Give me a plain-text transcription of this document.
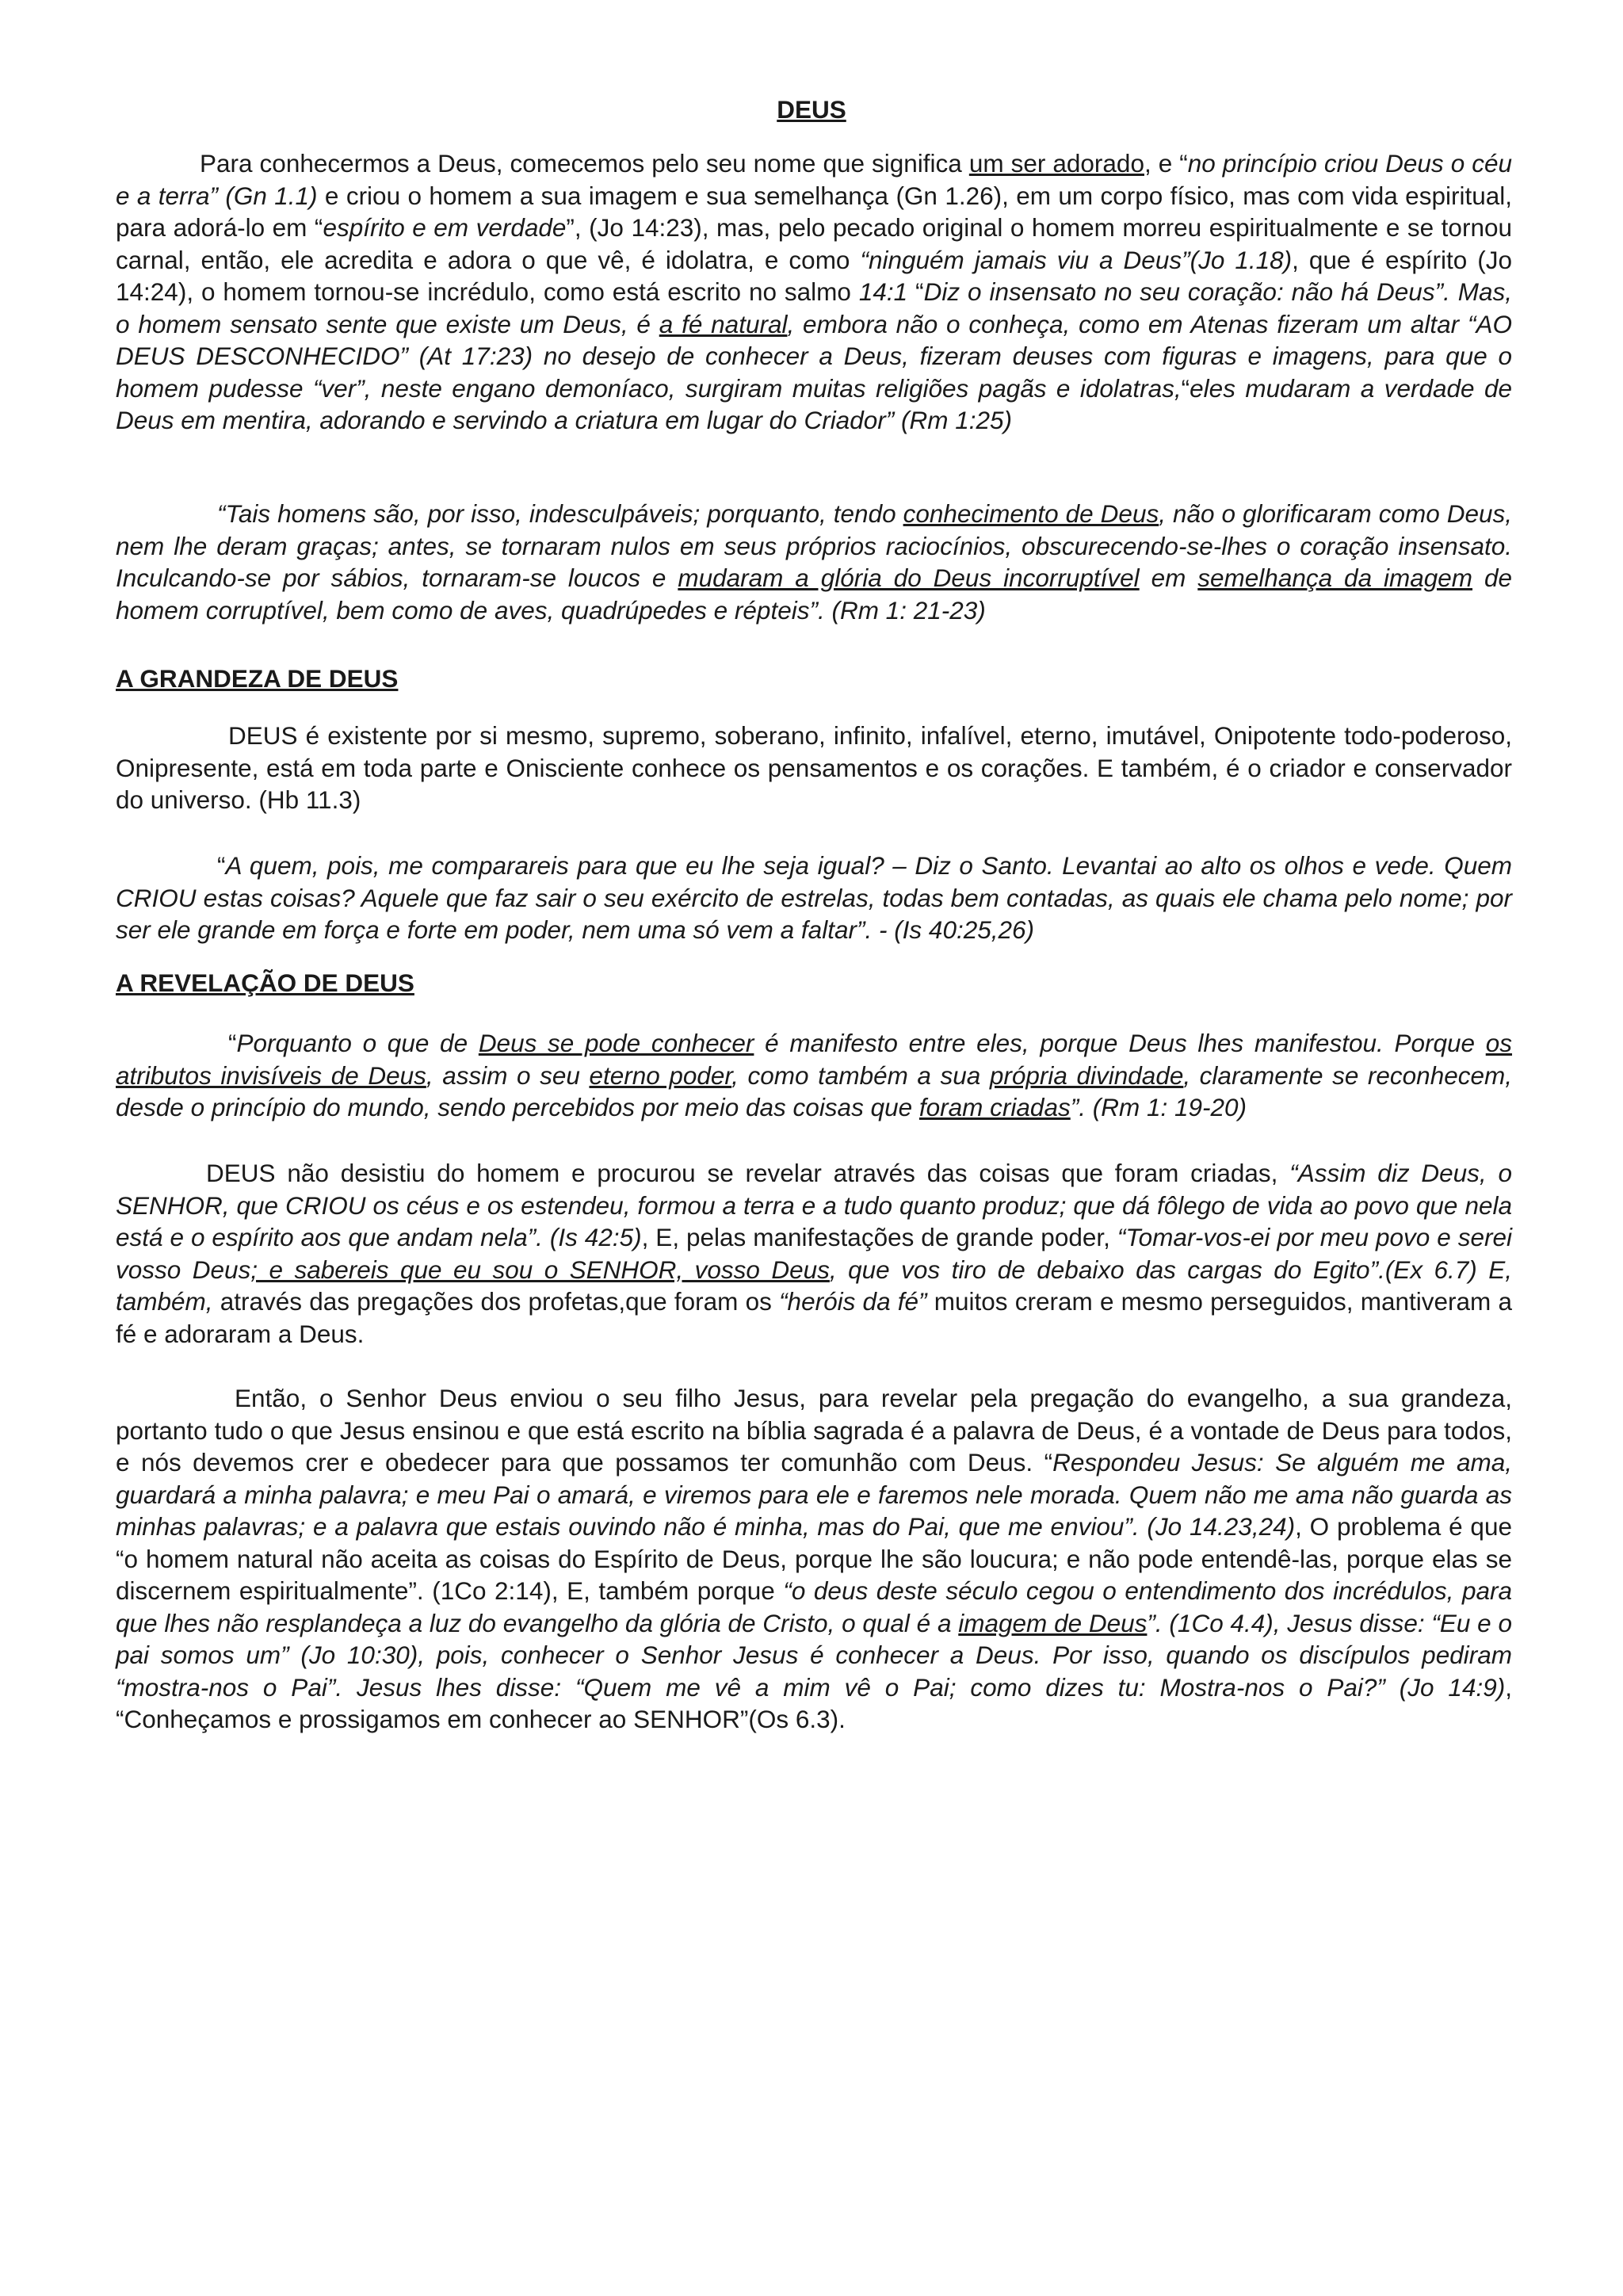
DEUS

Para conhecermos a Deus, comecemos pelo seu nome que significa um ser adorado, e “no princípio criou Deus o céu e a terra” (Gn 1.1) e criou o homem a sua imagem e sua semelhança (Gn 1.26), em um corpo físico, mas com vida espiritual, para adorá-lo em “espírito e em verdade”, (Jo 14:23), mas, pelo pecado original o homem morreu espiritualmente e se tornou carnal, então, ele acredita e adora o que vê, é idolatra, e como “ninguém jamais viu a Deus”(Jo 1.18), que é espírito (Jo 14:24), o homem tornou-se incrédulo, como está escrito no salmo 14:1 “Diz o insensato no seu coração: não há Deus”. Mas, o homem sensato sente que existe um Deus, é a fé natural, embora não o conheça, como em Atenas fizeram um altar “AO DEUS DESCONHECIDO” (At 17:23) no desejo de conhecer a Deus, fizeram deuses com figuras e imagens, para que o homem pudesse “ver”, neste engano demoníaco, surgiram muitas religiões pagãs e idolatras,“eles mudaram a verdade de Deus em mentira, adorando e servindo a criatura em lugar do Criador” (Rm 1:25)

“Tais homens são, por isso, indesculpáveis; porquanto, tendo conhecimento de Deus, não o glorificaram como Deus, nem lhe deram graças; antes, se tornaram nulos em seus próprios raciocínios, obscurecendo-se-lhes o coração insensato. Inculcando-se por sábios, tornaram-se loucos e mudaram a glória do Deus incorruptível em semelhança da imagem de homem corruptível, bem como de aves, quadrúpedes e répteis”. (Rm 1: 21-23)

A GRANDEZA DE DEUS

DEUS é existente por si mesmo, supremo, soberano, infinito, infalível, eterno, imutável, Onipotente todo-poderoso, Onipresente, está em toda parte e Onisciente conhece os pensamentos e os corações. E também, é o criador e conservador do universo. (Hb 11.3)

“A quem, pois, me comparareis para que eu lhe seja igual? – Diz o Santo. Levantai ao alto os olhos e vede. Quem CRIOU estas coisas? Aquele que faz sair o seu exército de estrelas, todas bem contadas, as quais ele chama pelo nome; por ser ele grande em força e forte em poder, nem uma só vem a faltar”. - (Is 40:25,26)

A REVELAÇÃO DE DEUS

“Porquanto o que de Deus se pode conhecer é manifesto entre eles, porque Deus lhes manifestou. Porque os atributos invisíveis de Deus, assim o seu eterno poder, como também a sua própria divindade, claramente se reconhecem, desde o princípio do mundo, sendo percebidos por meio das coisas que foram criadas”. (Rm 1: 19-20)

DEUS não desistiu do homem e procurou se revelar através das coisas que foram criadas, “Assim diz Deus, o SENHOR, que CRIOU os céus e os estendeu, formou a terra e a tudo quanto produz; que dá fôlego de vida ao povo que nela está e o espírito aos que andam nela”. (Is 42:5), E, pelas manifestações de grande poder, “Tomar-vos-ei por meu povo e serei vosso Deus; e sabereis que eu sou o SENHOR, vosso Deus, que vos tiro de debaixo das cargas do Egito”.(Ex 6.7) E, também, através das pregações dos profetas,que foram os “heróis da fé” muitos creram e mesmo perseguidos, mantiveram a fé e adoraram a Deus.

Então, o Senhor Deus enviou o seu filho Jesus, para revelar pela pregação do evangelho, a sua grandeza, portanto tudo o que Jesus ensinou e que está escrito na bíblia sagrada é a palavra de Deus, é a vontade de Deus para todos, e nós devemos crer e obedecer para que possamos ter comunhão com Deus. “Respondeu Jesus: Se alguém me ama, guardará a minha palavra; e meu Pai o amará, e viremos para ele e faremos nele morada. Quem não me ama não guarda as minhas palavras; e a palavra que estais ouvindo não é minha, mas do Pai, que me enviou”. (Jo 14.23,24), O problema é que “o homem natural não aceita as coisas do Espírito de Deus, porque lhe são loucura; e não pode entendê-las, porque elas se discernem espiritualmente”. (1Co 2:14), E, também porque “o deus deste século cegou o entendimento dos incrédulos, para que lhes não resplandeça a luz do evangelho da glória de Cristo, o qual é a imagem de Deus”. (1Co 4.4), Jesus disse: “Eu e o pai somos um” (Jo 10:30), pois, conhecer o Senhor Jesus é conhecer a Deus. Por isso, quando os discípulos pediram “mostra-nos o Pai”. Jesus lhes disse: “Quem me vê a mim vê o Pai; como dizes tu: Mostra-nos o Pai?” (Jo 14:9), “Conheçamos e prossigamos em conhecer ao SENHOR”(Os 6.3).
